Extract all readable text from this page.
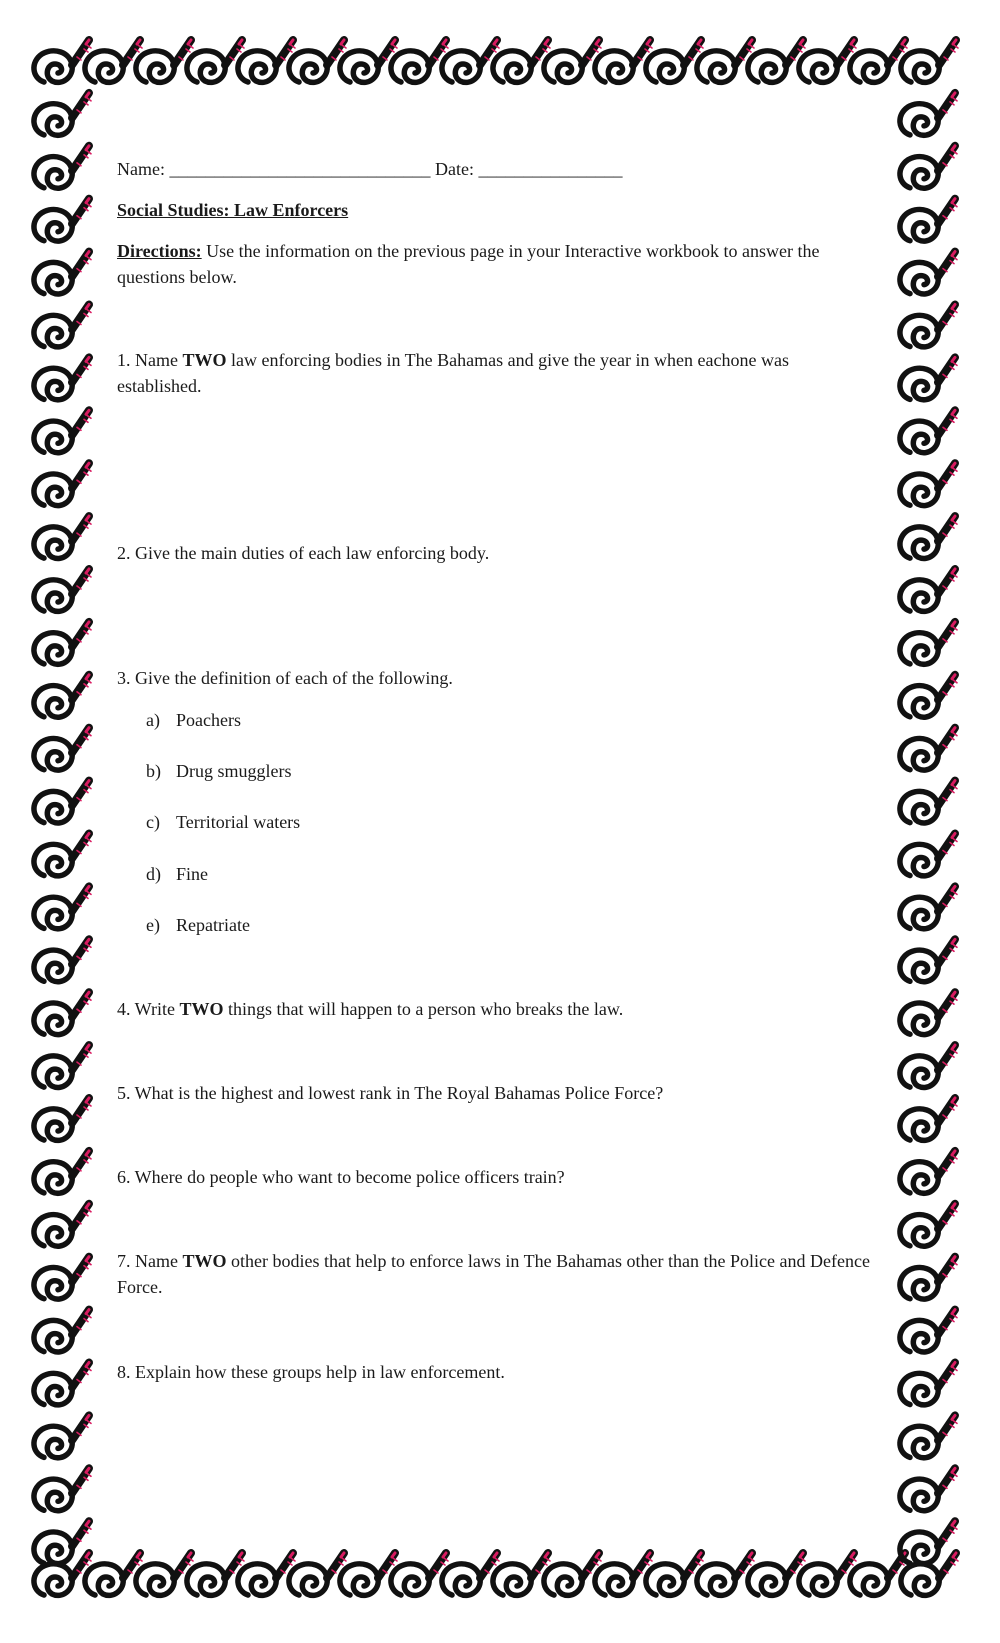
Name: _____________________________ Date: ________________
Social Studies: Law Enforcers
Directions: Use the information on the previous page in your Interactive workbook to answer the questions below.
1. Name TWO law enforcing bodies in The Bahamas and give the year in when eachone was established.
2. Give the main duties of each law enforcing body.
3. Give the definition of each of the following.
a) Poachers
b) Drug smugglers
c) Territorial waters
d) Fine
e) Repatriate
4. Write TWO things that will happen to a person who breaks the law.
5. What is the highest and lowest rank in The Royal Bahamas Police Force?
6. Where do people who want to become police officers train?
7. Name TWO other bodies that help to enforce laws in The Bahamas other than the Police and Defence Force.
8. Explain how these groups help in law enforcement.
